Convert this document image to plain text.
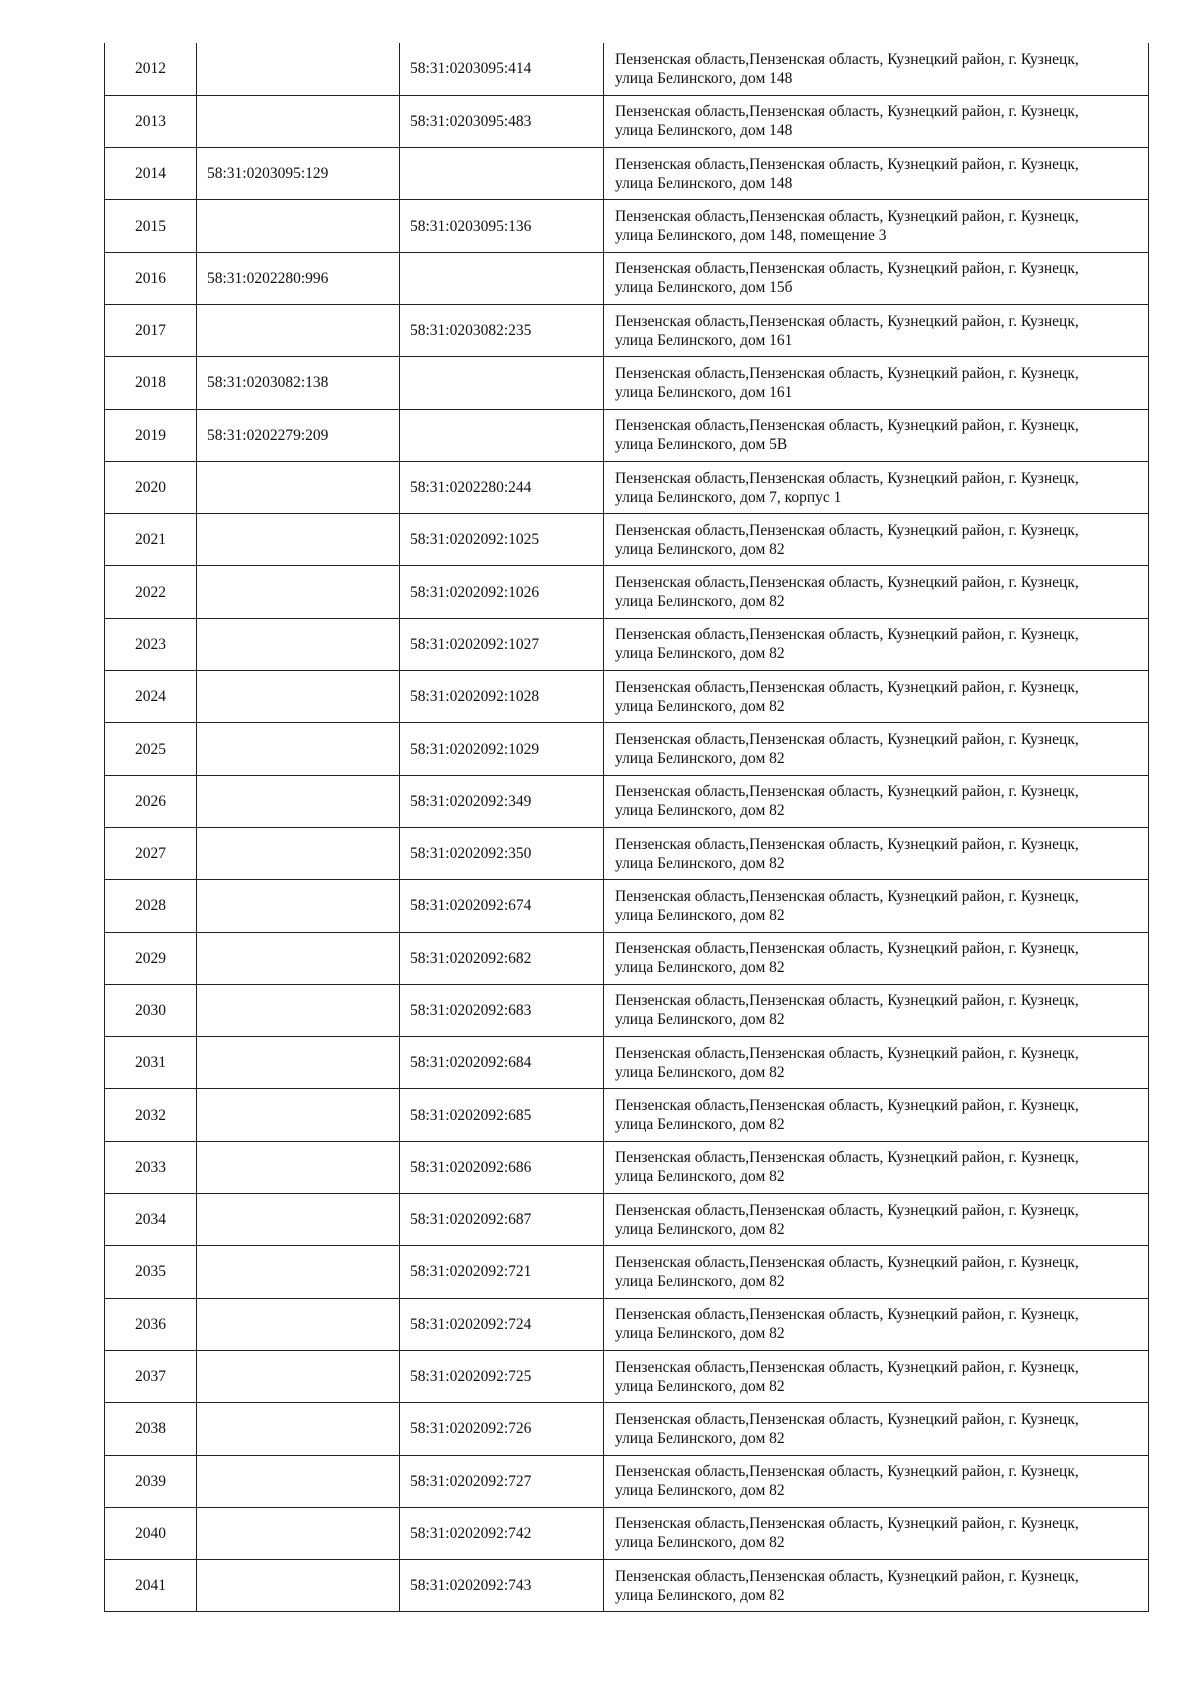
2012		58:31:0203095:414	Пензенская область,Пензенская область, Кузнецкий район, г. Кузнецк, улица Белинского, дом 148
2013		58:31:0203095:483	Пензенская область,Пензенская область, Кузнецкий район, г. Кузнецк, улица Белинского, дом 148
2014	58:31:0203095:129		Пензенская область,Пензенская область, Кузнецкий район, г. Кузнецк, улица Белинского, дом 148
2015		58:31:0203095:136	Пензенская область,Пензенская область, Кузнецкий район, г. Кузнецк, улица Белинского, дом 148, помещение 3
2016	58:31:0202280:996		Пензенская область,Пензенская область, Кузнецкий район, г. Кузнецк, улица Белинского, дом 15б
2017		58:31:0203082:235	Пензенская область,Пензенская область, Кузнецкий район, г. Кузнецк, улица Белинского, дом 161
2018	58:31:0203082:138		Пензенская область,Пензенская область, Кузнецкий район, г. Кузнецк, улица Белинского, дом 161
2019	58:31:0202279:209		Пензенская область,Пензенская область, Кузнецкий район, г. Кузнецк, улица Белинского, дом 5В
2020		58:31:0202280:244	Пензенская область,Пензенская область, Кузнецкий район, г. Кузнецк, улица Белинского, дом 7, корпус 1
2021		58:31:0202092:1025	Пензенская область,Пензенская область, Кузнецкий район, г. Кузнецк, улица Белинского, дом 82
2022		58:31:0202092:1026	Пензенская область,Пензенская область, Кузнецкий район, г. Кузнецк, улица Белинского, дом 82
2023		58:31:0202092:1027	Пензенская область,Пензенская область, Кузнецкий район, г. Кузнецк, улица Белинского, дом 82
2024		58:31:0202092:1028	Пензенская область,Пензенская область, Кузнецкий район, г. Кузнецк, улица Белинского, дом 82
2025		58:31:0202092:1029	Пензенская область,Пензенская область, Кузнецкий район, г. Кузнецк, улица Белинского, дом 82
2026		58:31:0202092:349	Пензенская область,Пензенская область, Кузнецкий район, г. Кузнецк, улица Белинского, дом 82
2027		58:31:0202092:350	Пензенская область,Пензенская область, Кузнецкий район, г. Кузнецк, улица Белинского, дом 82
2028		58:31:0202092:674	Пензенская область,Пензенская область, Кузнецкий район, г. Кузнецк, улица Белинского, дом 82
2029		58:31:0202092:682	Пензенская область,Пензенская область, Кузнецкий район, г. Кузнецк, улица Белинского, дом 82
2030		58:31:0202092:683	Пензенская область,Пензенская область, Кузнецкий район, г. Кузнецк, улица Белинского, дом 82
2031		58:31:0202092:684	Пензенская область,Пензенская область, Кузнецкий район, г. Кузнецк, улица Белинского, дом 82
2032		58:31:0202092:685	Пензенская область,Пензенская область, Кузнецкий район, г. Кузнецк, улица Белинского, дом 82
2033		58:31:0202092:686	Пензенская область,Пензенская область, Кузнецкий район, г. Кузнецк, улица Белинского, дом 82
2034		58:31:0202092:687	Пензенская область,Пензенская область, Кузнецкий район, г. Кузнецк, улица Белинского, дом 82
2035		58:31:0202092:721	Пензенская область,Пензенская область, Кузнецкий район, г. Кузнецк, улица Белинского, дом 82
2036		58:31:0202092:724	Пензенская область,Пензенская область, Кузнецкий район, г. Кузнецк, улица Белинского, дом 82
2037		58:31:0202092:725	Пензенская область,Пензенская область, Кузнецкий район, г. Кузнецк, улица Белинского, дом 82
2038		58:31:0202092:726	Пензенская область,Пензенская область, Кузнецкий район, г. Кузнецк, улица Белинского, дом 82
2039		58:31:0202092:727	Пензенская область,Пензенская область, Кузнецкий район, г. Кузнецк, улица Белинского, дом 82
2040		58:31:0202092:742	Пензенская область,Пензенская область, Кузнецкий район, г. Кузнецк, улица Белинского, дом 82
2041		58:31:0202092:743	Пензенская область,Пензенская область, Кузнецкий район, г. Кузнецк, улица Белинского, дом 82
